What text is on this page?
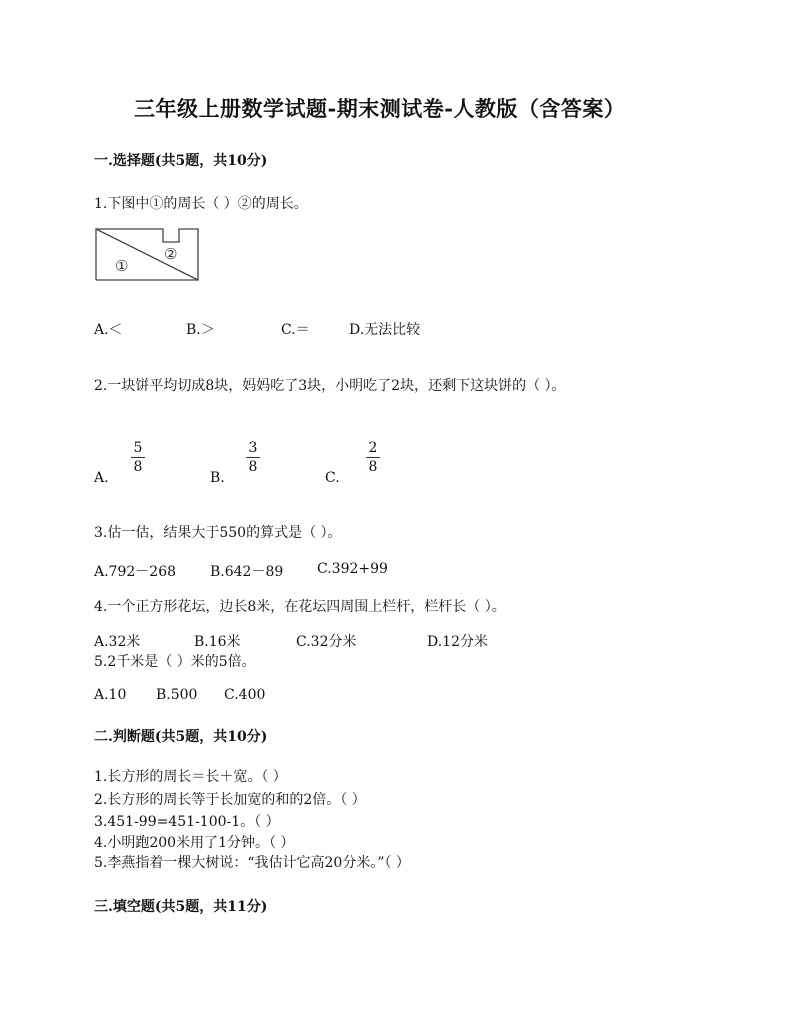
三年级上册数学试题-期末测试卷-人教版（含答案）
一.选择题(共5题，共10分)
1.下图中①的周长（ ）②的周长。
①
②
A.＜	B.＞	C.＝	D.无法比较
2.一块饼平均切成8块，妈妈吃了3块，小明吃了2块，还剩下这块饼的（ ）。
A.
$\frac{5}{8}$
B.
$\frac{3}{8}$
C.
$\frac{2}{8}$
3.估一估，结果大于550的算式是（ ）。
A.792－268 B.642－89 C.392+99
4.一个正方形花坛，边长8米，在花坛四周围上栏杆，栏杆长（ ）。
A.32米	B.16米	C.32分米	D.12分米
5.2千米是（ ）米的5倍。
A.10 B.500 C.400
二.判断题(共5题，共10分)
1.长方形的周长＝长＋宽。（ ）
2.长方形的周长等于长加宽的和的2倍。（ ）
3.451-99=451-100-1。（ ）
4.小明跑200米用了1分钟。（ ）
5.李燕指着一棵大树说：“我估计它高20分米。”（ ）
三.填空题(共5题，共11分)
